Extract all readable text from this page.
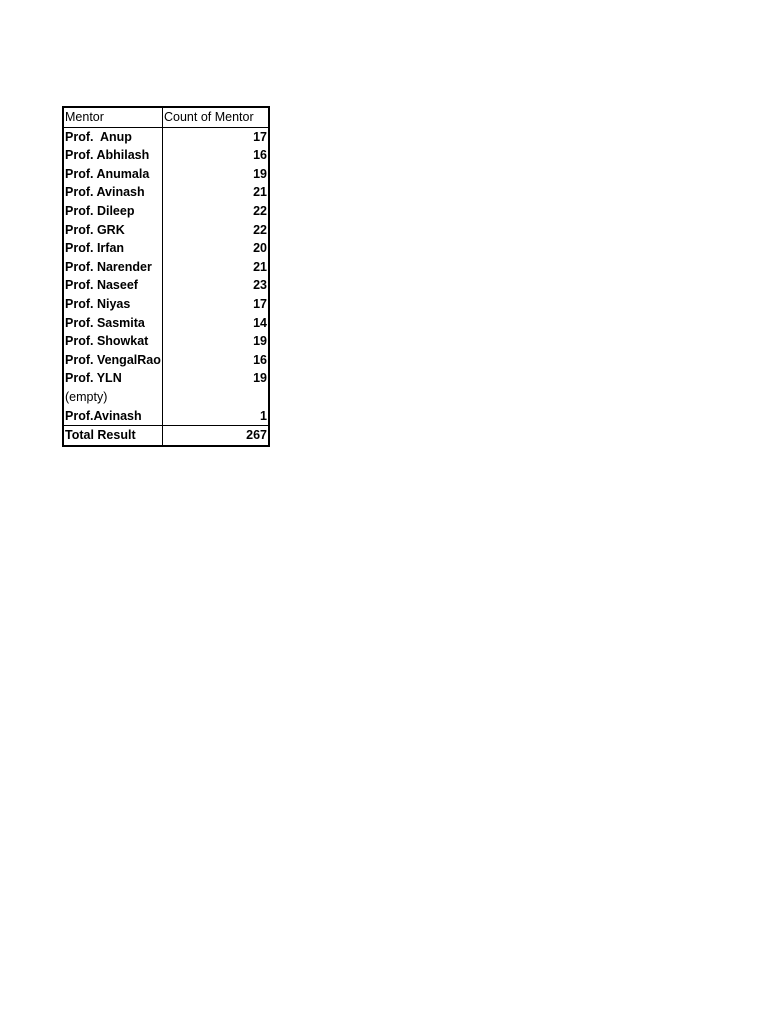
Mentor	Count of Mentor
Prof.  Anup	17
Prof. Abhilash	16
Prof. Anumala	19
Prof. Avinash	21
Prof. Dileep	22
Prof. GRK	22
Prof. Irfan	20
Prof. Narender	21
Prof. Naseef	23
Prof. Niyas	17
Prof. Sasmita	14
Prof. Showkat	19
Prof. VengalRao	16
Prof. YLN	19
(empty)
Prof.Avinash	1
Total Result	267
